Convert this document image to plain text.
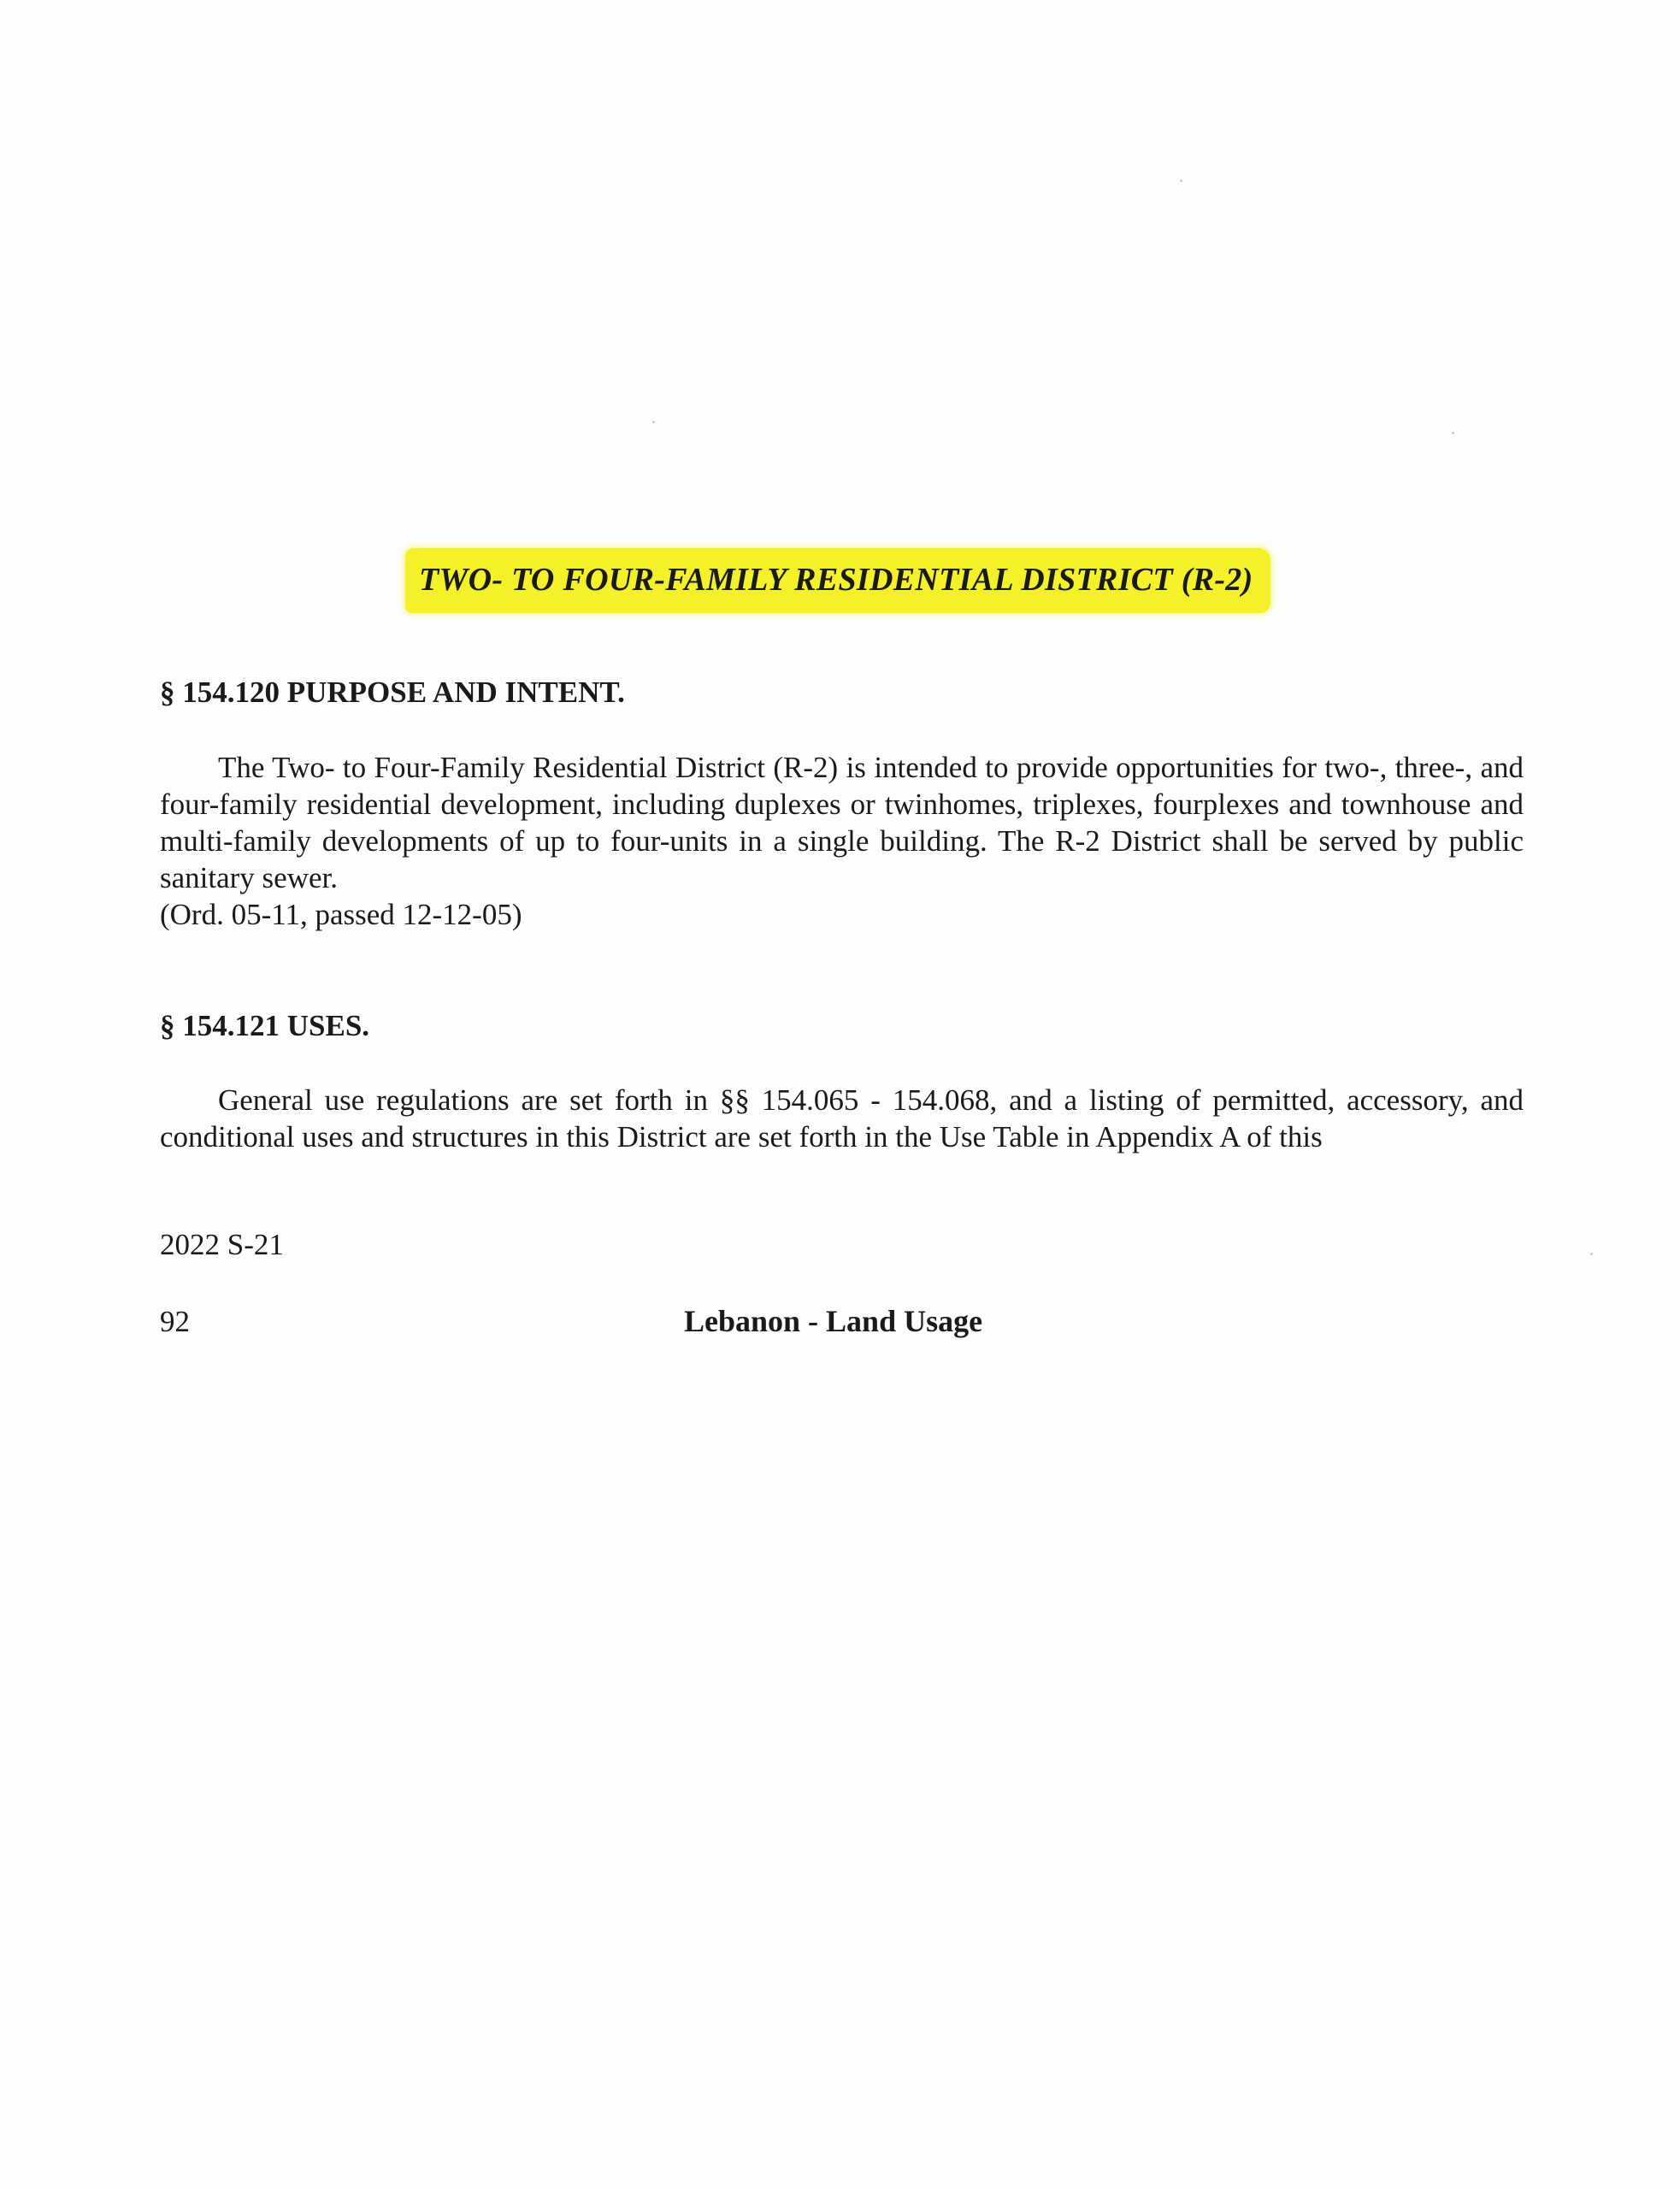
TWO- TO FOUR-FAMILY RESIDENTIAL DISTRICT (R-2)
§ 154.120 PURPOSE AND INTENT.
The Two- to Four-Family Residential District (R-2) is intended to provide opportunities for two-, three-, and four-family residential development, including duplexes or twinhomes, triplexes, fourplexes and townhouse and multi-family developments of up to four-units in a single building. The R-2 District shall be served by public sanitary sewer.
(Ord. 05-11, passed 12-12-05)
§ 154.121 USES.
General use regulations are set forth in §§ 154.065 - 154.068, and a listing of permitted, accessory, and conditional uses and structures in this District are set forth in the Use Table in Appendix A of this
2022 S-21
92	Lebanon - Land Usage
